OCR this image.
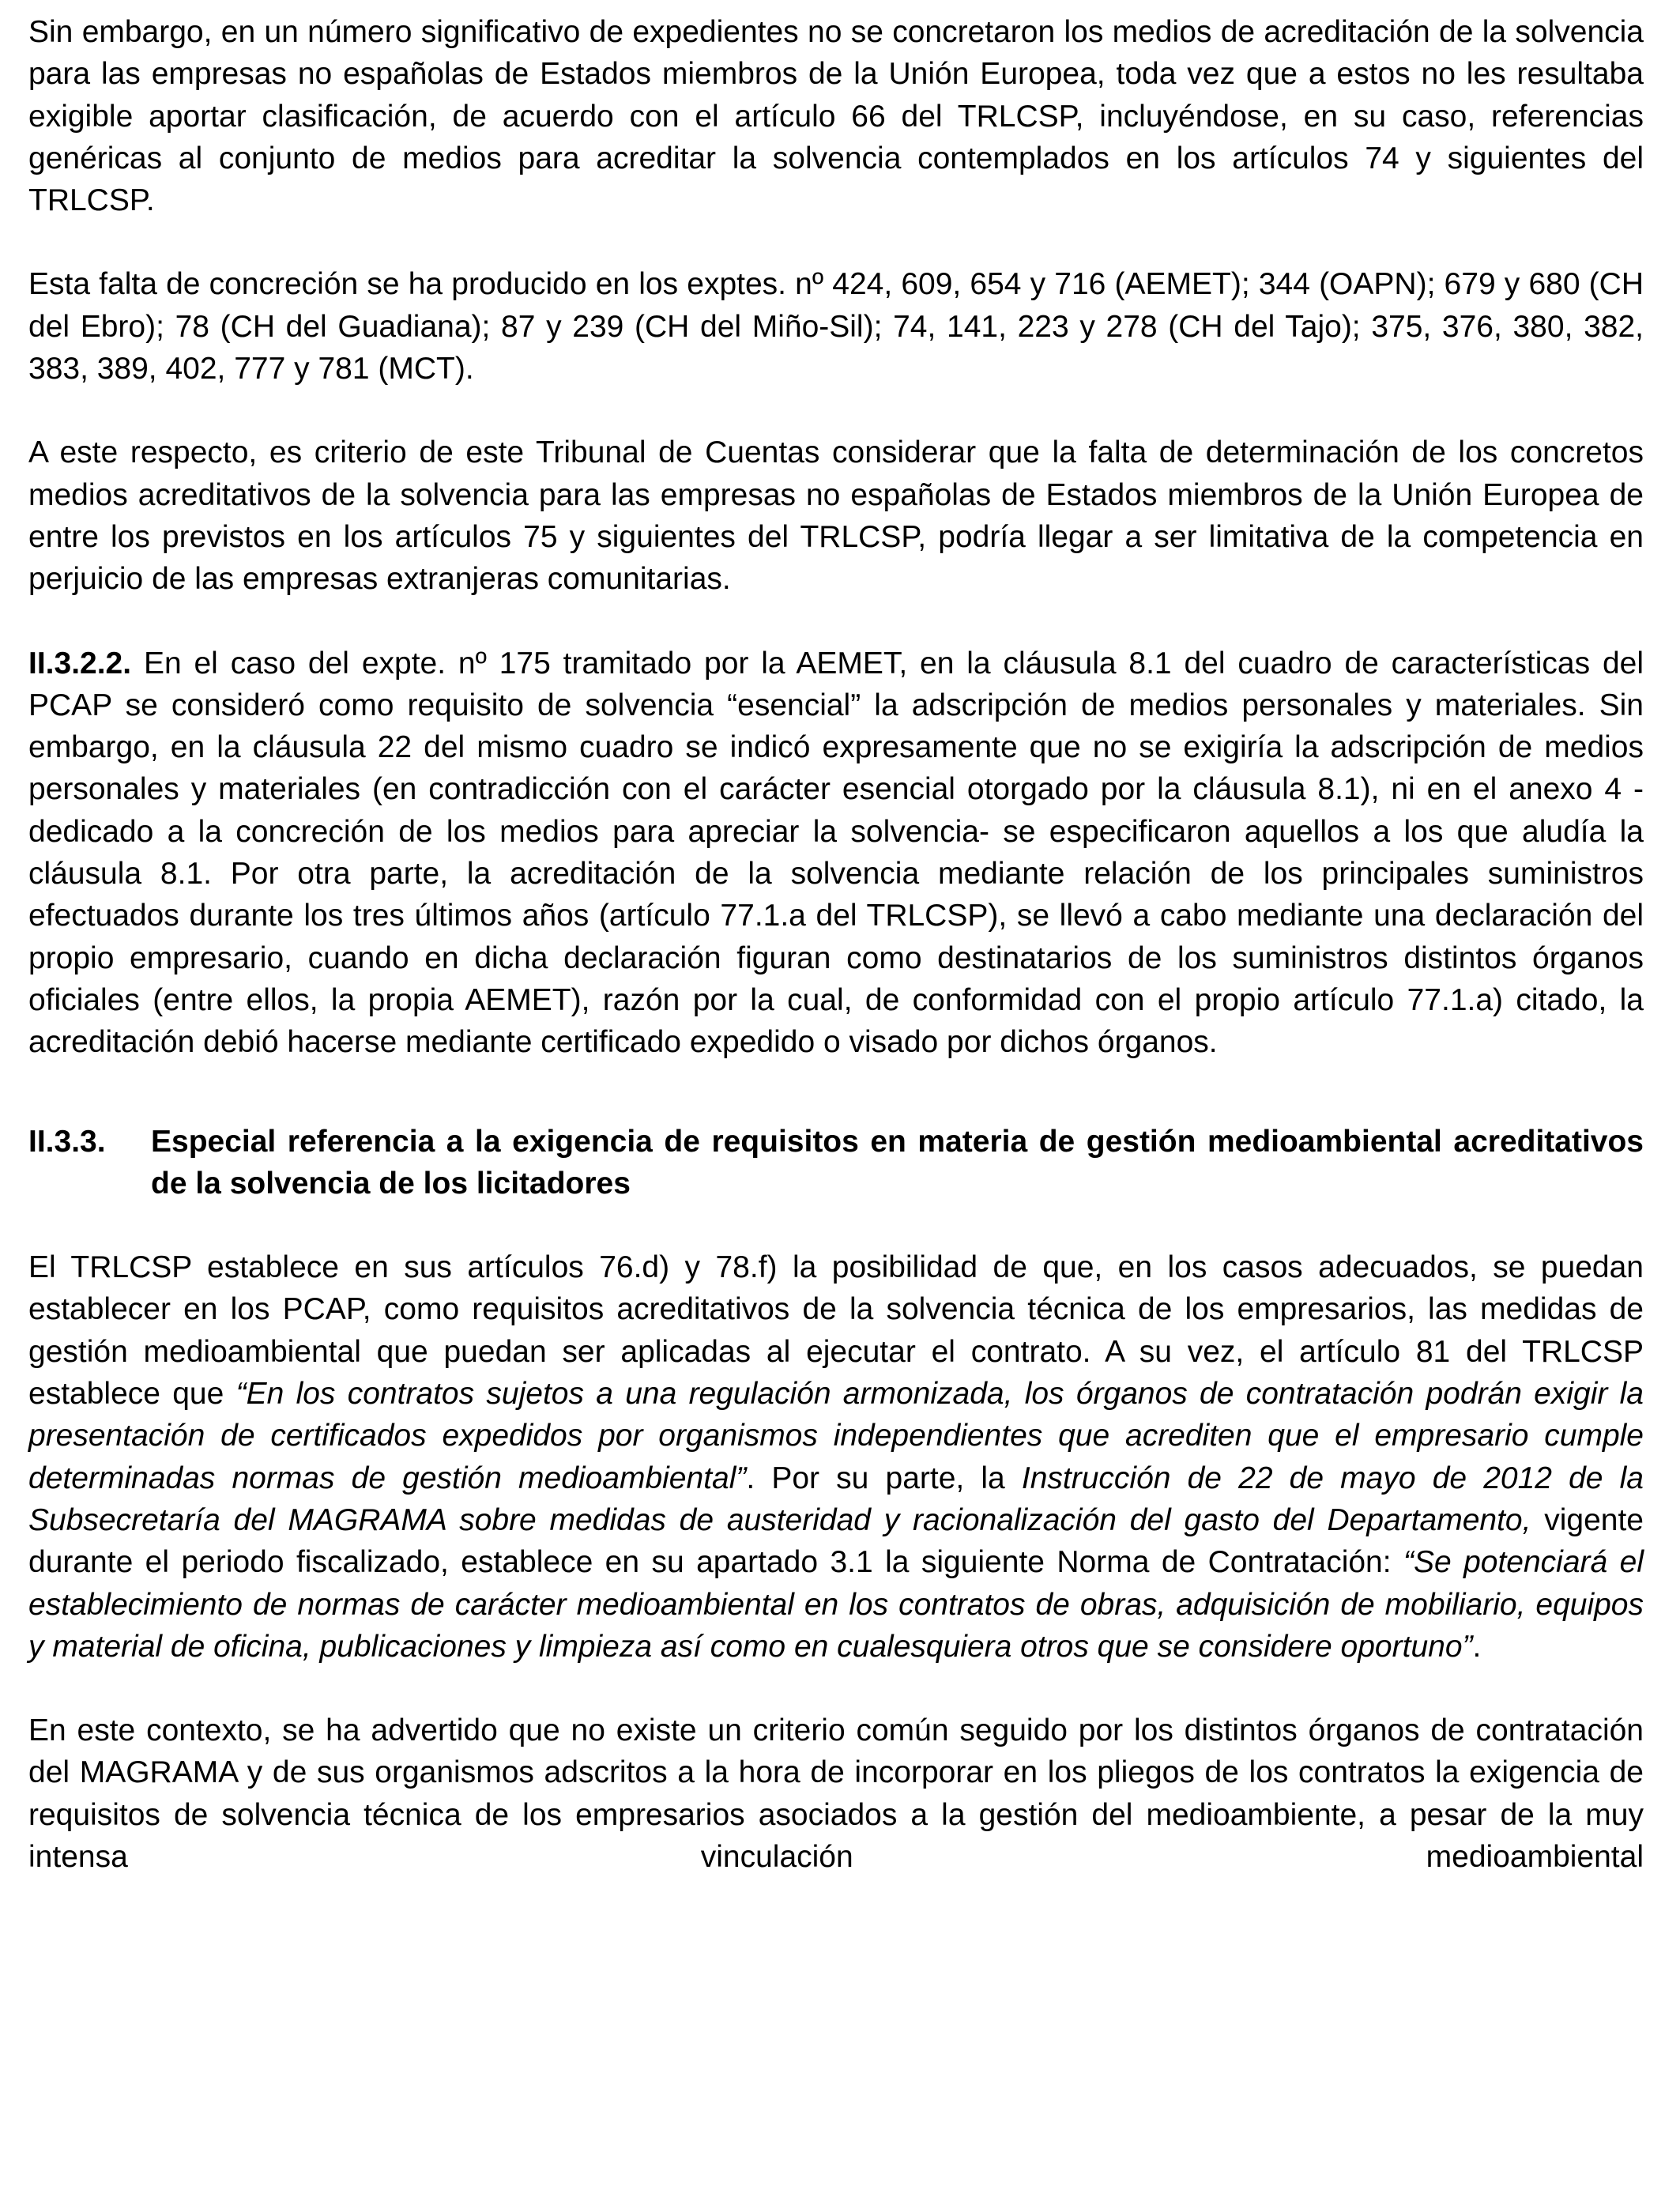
Sin embargo, en un número significativo de expedientes no se concretaron los medios de acreditación de la solvencia para las empresas no españolas de Estados miembros de la Unión Europea, toda vez que a estos no les resultaba exigible aportar clasificación, de acuerdo con el artículo 66 del TRLCSP, incluyéndose, en su caso, referencias genéricas al conjunto de medios para acreditar la solvencia contemplados en los artículos 74 y siguientes del TRLCSP.

Esta falta de concreción se ha producido en los exptes. nº 424, 609, 654 y 716 (AEMET); 344 (OAPN); 679 y 680 (CH del Ebro); 78 (CH del Guadiana); 87 y 239 (CH del Miño-Sil); 74, 141, 223 y 278 (CH del Tajo); 375, 376, 380, 382, 383, 389, 402, 777 y 781 (MCT).

A este respecto, es criterio de este Tribunal de Cuentas considerar que la falta de determinación de los concretos medios acreditativos de la solvencia para las empresas no españolas de Estados miembros de la Unión Europea de entre los previstos en los artículos 75 y siguientes del TRLCSP, podría llegar a ser limitativa de la competencia en perjuicio de las empresas extranjeras comunitarias.

II.3.2.2. En el caso del expte. nº 175 tramitado por la AEMET, en la cláusula 8.1 del cuadro de características del PCAP se consideró como requisito de solvencia “esencial” la adscripción de medios personales y materiales. Sin embargo, en la cláusula 22 del mismo cuadro se indicó expresamente que no se exigiría la adscripción de medios personales y materiales (en contradicción con el carácter esencial otorgado por la cláusula 8.1), ni en el anexo 4 -dedicado a la concreción de los medios para apreciar la solvencia- se especificaron aquellos a los que aludía la cláusula 8.1. Por otra parte, la acreditación de la solvencia mediante relación de los principales suministros efectuados durante los tres últimos años (artículo 77.1.a del TRLCSP), se llevó a cabo mediante una declaración del propio empresario, cuando en dicha declaración figuran como destinatarios de los suministros distintos órganos oficiales (entre ellos, la propia AEMET), razón por la cual, de conformidad con el propio artículo 77.1.a) citado, la acreditación debió hacerse mediante certificado expedido o visado por dichos órganos.

II.3.3.	Especial referencia a la exigencia de requisitos en materia de gestión medioambiental acreditativos de la solvencia de los licitadores

El TRLCSP establece en sus artículos 76.d) y 78.f) la posibilidad de que, en los casos adecuados, se puedan establecer en los PCAP, como requisitos acreditativos de la solvencia técnica de los empresarios, las medidas de gestión medioambiental que puedan ser aplicadas al ejecutar el contrato. A su vez, el artículo 81 del TRLCSP establece que “En los contratos sujetos a una regulación armonizada, los órganos de contratación podrán exigir la presentación de certificados expedidos por organismos independientes que acrediten que el empresario cumple determinadas normas de gestión medioambiental”. Por su parte, la Instrucción de 22 de mayo de 2012 de la Subsecretaría del MAGRAMA sobre medidas de austeridad y racionalización del gasto del Departamento, vigente durante el periodo fiscalizado, establece en su apartado 3.1 la siguiente Norma de Contratación: “Se potenciará el establecimiento de normas de carácter medioambiental en los contratos de obras, adquisición de mobiliario, equipos y material de oficina, publicaciones y limpieza así como en cualesquiera otros que se considere oportuno”.

En este contexto, se ha advertido que no existe un criterio común seguido por los distintos órganos de contratación del MAGRAMA y de sus organismos adscritos a la hora de incorporar en los pliegos de los contratos la exigencia de requisitos de solvencia técnica de los empresarios asociados a la gestión del medioambiente, a pesar de la muy intensa vinculación medioambiental
